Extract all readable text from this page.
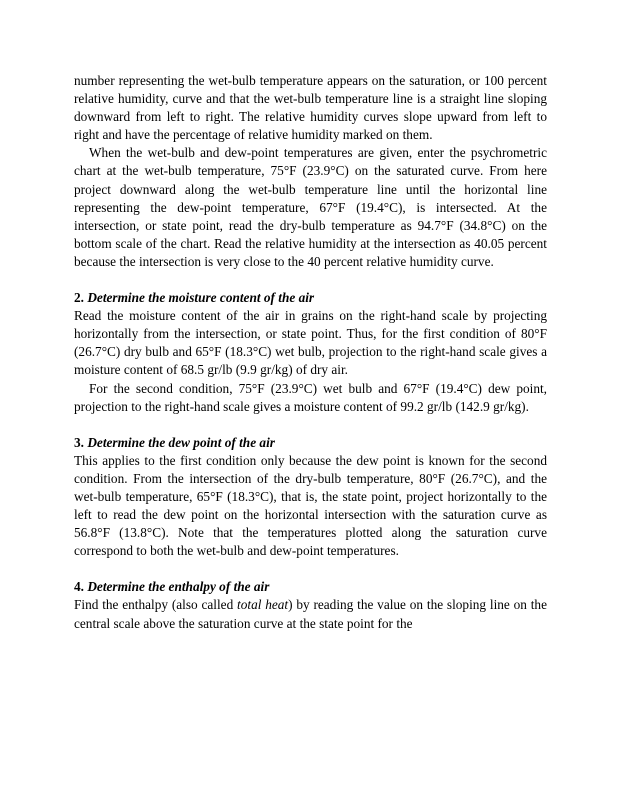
number representing the wet-bulb temperature appears on the saturation, or 100 percent relative humidity, curve and that the wet-bulb temperature line is a straight line sloping downward from left to right. The relative humidity curves slope upward from left to right and have the percentage of relative humidity marked on them.

When the wet-bulb and dew-point temperatures are given, enter the psychrometric chart at the wet-bulb temperature, 75°F (23.9°C) on the saturated curve. From here project downward along the wet-bulb temperature line until the horizontal line representing the dew-point temperature, 67°F (19.4°C), is intersected. At the intersection, or state point, read the dry-bulb temperature as 94.7°F (34.8°C) on the bottom scale of the chart. Read the relative humidity at the intersection as 40.05 percent because the intersection is very close to the 40 percent relative humidity curve.

2. Determine the moisture content of the air

Read the moisture content of the air in grains on the right-hand scale by projecting horizontally from the intersection, or state point. Thus, for the first condition of 80°F (26.7°C) dry bulb and 65°F (18.3°C) wet bulb, projection to the right-hand scale gives a moisture content of 68.5 gr/lb (9.9 gr/kg) of dry air.

For the second condition, 75°F (23.9°C) wet bulb and 67°F (19.4°C) dew point, projection to the right-hand scale gives a moisture content of 99.2 gr/lb (142.9 gr/kg).

3. Determine the dew point of the air

This applies to the first condition only because the dew point is known for the second condition. From the intersection of the dry-bulb temperature, 80°F (26.7°C), and the wet-bulb temperature, 65°F (18.3°C), that is, the state point, project horizontally to the left to read the dew point on the horizontal intersection with the saturation curve as 56.8°F (13.8°C). Note that the temperatures plotted along the saturation curve correspond to both the wet-bulb and dew-point temperatures.

4. Determine the enthalpy of the air

Find the enthalpy (also called total heat) by reading the value on the sloping line on the central scale above the saturation curve at the state point for the
